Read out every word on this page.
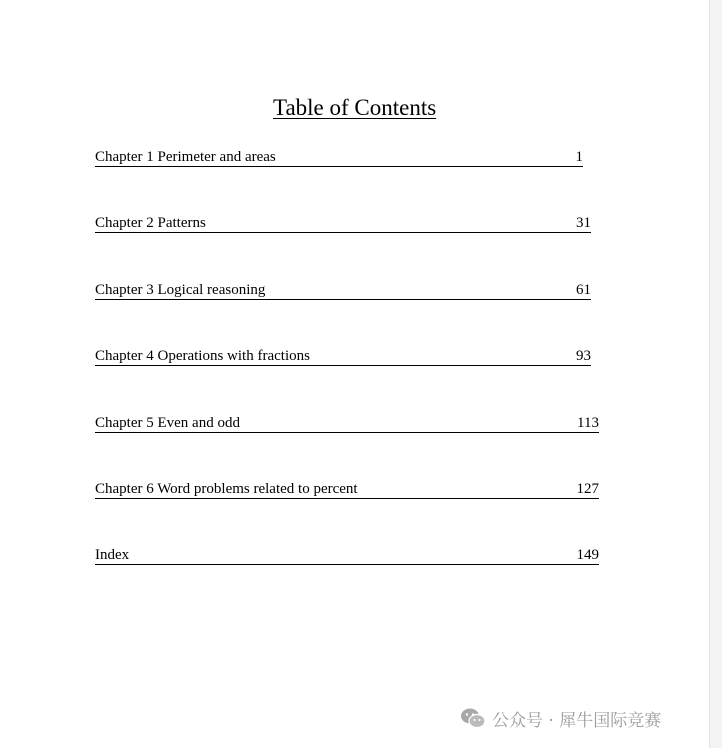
Table of Contents
Chapter 1 Perimeter and areas	1
Chapter 2 Patterns	31
Chapter 3 Logical reasoning	61
Chapter 4 Operations with fractions	93
Chapter 5 Even and odd	113
Chapter 6 Word problems related to percent	127
Index	149
公众号 · 犀牛国际竞赛
